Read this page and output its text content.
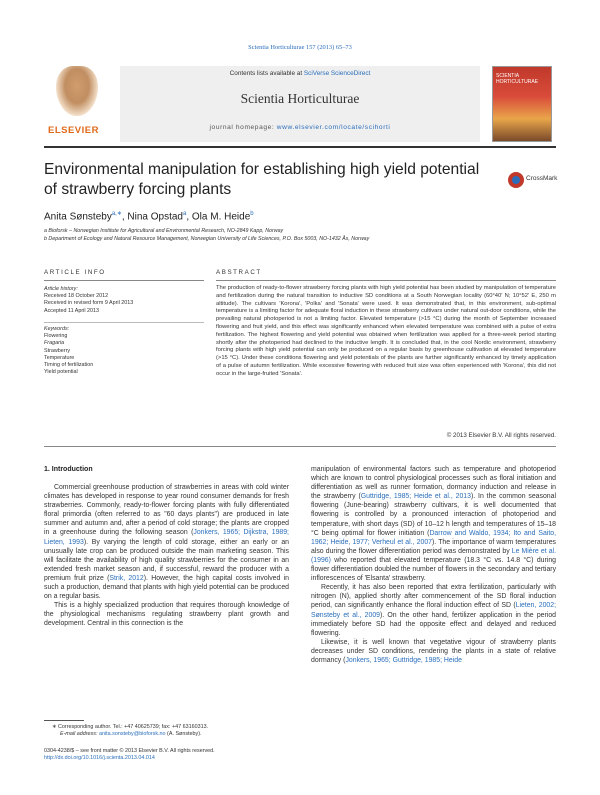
Scientia Horticulturae 157 (2013) 65–73
ELSEVIER
Contents lists available at SciVerse ScienceDirect
Scientia Horticulturae
journal homepage: www.elsevier.com/locate/scihorti
SCIENTIA HORTICULTURAE
Environmental manipulation for establishing high yield potential of strawberry forcing plants
CrossMark
Anita Sønsteby$^{a,∗}$, Nina Opstad$^a$, Ola M. Heide$^b$
a Bioforsk – Norwegian Institute for Agricultural and Environmental Research, NO-2849 Kapp, Norway
b Department of Ecology and Natural Resource Management, Norwegian University of Life Sciences, P.O. Box 5003, NO-1432 Ås, Norway
ARTICLE INFO	ABSTRACT
Article history:
Received 18 October 2012
Received in revised form 9 April 2013
Accepted 11 April 2013
Keywords:
Flowering
Fragaria
Strawberry
Temperature
Timing of fertilization
Yield potential
The production of ready-to-flower strawberry forcing plants with high yield potential has been studied by manipulation of temperature and fertilization during the natural transition to inductive SD conditions at a South Norwegian locality (60°40′ N; 10°52′ E, 250 m altitude). The cultivars 'Korona', 'Polka' and 'Sonata' were used. It was demonstrated that, in this environment, sub-optimal temperature is a limiting factor for adequate floral induction in these strawberry cultivars under natural out-door conditions, while the prevailing natural photoperiod is not a limiting factor. Elevated temperature (>15 °C) during the month of September increased flowering and fruit yield, and this effect was significantly enhanced when elevated temperature was combined with a pulse of extra fertilization. The highest flowering and yield potential was obtained when fertilization was applied for a three-week period starting shortly after the photoperiod had declined to the inductive length. It is concluded that, in the cool Nordic environment, strawberry forcing plants with high yield potential can only be produced on a regular basis by greenhouse cultivation at elevated temperature (>15 °C). Under these conditions flowering and yield potentials of the plants are further significantly enhanced by timely application of a pulse of autumn fertilization. While excessive flowering with reduced fruit size was often experienced with 'Korona', this did not occur in the large-fruited 'Sonata'.
© 2013 Elsevier B.V. All rights reserved.
1. Introduction

Commercial greenhouse production of strawberries in areas with cold winter climates has developed in response to year round consumer demands for fresh strawberries. Commonly, ready-to-flower forcing plants with fully differentiated floral primordia (often referred to as "60 days plants") are produced in late summer and autumn and, after a period of cold storage; the plants are cropped in a greenhouse during the following season (Jonkers, 1965; Dijkstra, 1989; Lieten, 1993). By varying the length of cold storage, either an early or an unusually late crop can be produced outside the main marketing season. This will facilitate the availability of high quality strawberries for the consumer in an extended fresh market season and, if successful, reward the producer with a premium fruit prize (Strik, 2012). However, the high capital costs involved in such a production, demand that plants with high yield potential can be produced on a regular basis.

This is a highly specialized production that requires thorough knowledge of the physiological mechanisms regulating strawberry plant growth and development. Central in this connection is the

manipulation of environmental factors such as temperature and photoperiod which are known to control physiological processes such as floral initiation and differentiation as well as runner formation, dormancy induction and release in the strawberry (Guttridge, 1985; Heide et al., 2013). In the common seasonal flowering (June-bearing) strawberry cultivars, it is well documented that flowering is controlled by a pronounced interaction of photoperiod and temperature, with short days (SD) of 10–12 h length and temperatures of 15–18 °C being optimal for flower initiation (Darrow and Waldo, 1934; Ito and Saito, 1962; Heide, 1977; Verheul et al., 2007). The importance of warm temperatures also during the flower differentiation period was demonstrated by Le Mière et al. (1996) who reported that elevated temperature (18.3 °C vs. 14.8 °C) during flower differentiation doubled the number of flowers in the secondary and tertiary inflorescences of 'Elsanta' strawberry.

Recently, it has also been reported that extra fertilization, particularly with nitrogen (N), applied shortly after commencement of the SD floral induction period, can significantly enhance the floral induction effect of SD (Lieten, 2002; Sønsteby et al., 2009). On the other hand, fertilizer application in the period immediately before SD had the opposite effect and delayed and reduced flowering.

Likewise, it is well known that vegetative vigour of strawberry plants decreases under SD conditions, rendering the plants in a state of relative dormancy (Jonkers, 1965; Guttridge, 1985; Heide

∗ Corresponding author. Tel.: +47 40625739; fax: +47 63160313.
E-mail address: anita.sonsteby@bioforsk.no (A. Sønsteby).
0304-4238/$ – see front matter © 2013 Elsevier B.V. All rights reserved.
http://dx.doi.org/10.1016/j.scienta.2013.04.014
